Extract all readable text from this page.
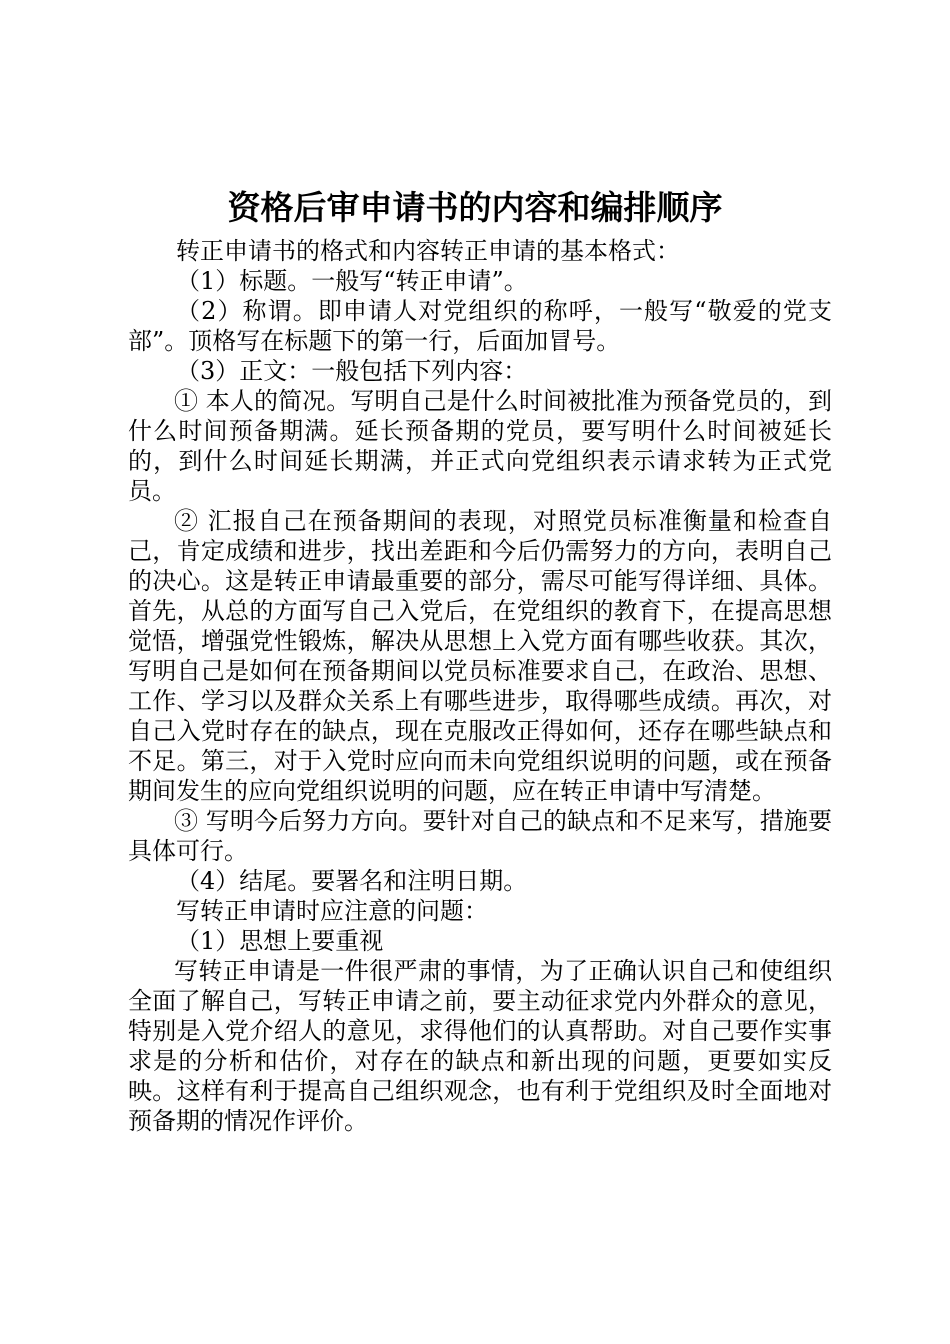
资格后审申请书的内容和编排顺序

转正申请书的格式和内容转正申请的基本格式：

（1）标题。一般写“转正申请”。

（2）称谓。即申请人对党组织的称呼，一般写“敬爱的党支部”。顶格写在标题下的第一行，后面加冒号。

（3）正文：一般包括下列内容：

① 本人的简况。写明自己是什么时间被批准为预备党员的，到什么时间预备期满。延长预备期的党员，要写明什么时间被延长的，到什么时间延长期满，并正式向党组织表示请求转为正式党员。

② 汇报自己在预备期间的表现，对照党员标准衡量和检查自己，肯定成绩和进步，找出差距和今后仍需努力的方向，表明自己的决心。这是转正申请最重要的部分，需尽可能写得详细、具体。首先，从总的方面写自己入党后，在党组织的教育下，在提高思想觉悟，增强党性锻炼，解决从思想上入党方面有哪些收获。其次，写明自己是如何在预备期间以党员标准要求自己，在政治、思想、工作、学习以及群众关系上有哪些进步，取得哪些成绩。再次，对自己入党时存在的缺点，现在克服改正得如何，还存在哪些缺点和不足。第三，对于入党时应向而未向党组织说明的问题，或在预备期间发生的应向党组织说明的问题，应在转正申请中写清楚。

③ 写明今后努力方向。要针对自己的缺点和不足来写，措施要具体可行。

（4）结尾。要署名和注明日期。

写转正申请时应注意的问题：

（1）思想上要重视

写转正申请是一件很严肃的事情，为了正确认识自己和使组织全面了解自己，写转正申请之前，要主动征求党内外群众的意见，特别是入党介绍人的意见，求得他们的认真帮助。对自己要作实事求是的分析和估价，对存在的缺点和新出现的问题，更要如实反映。这样有利于提高自己组织观念，也有利于党组织及时全面地对预备期的情况作评价。
